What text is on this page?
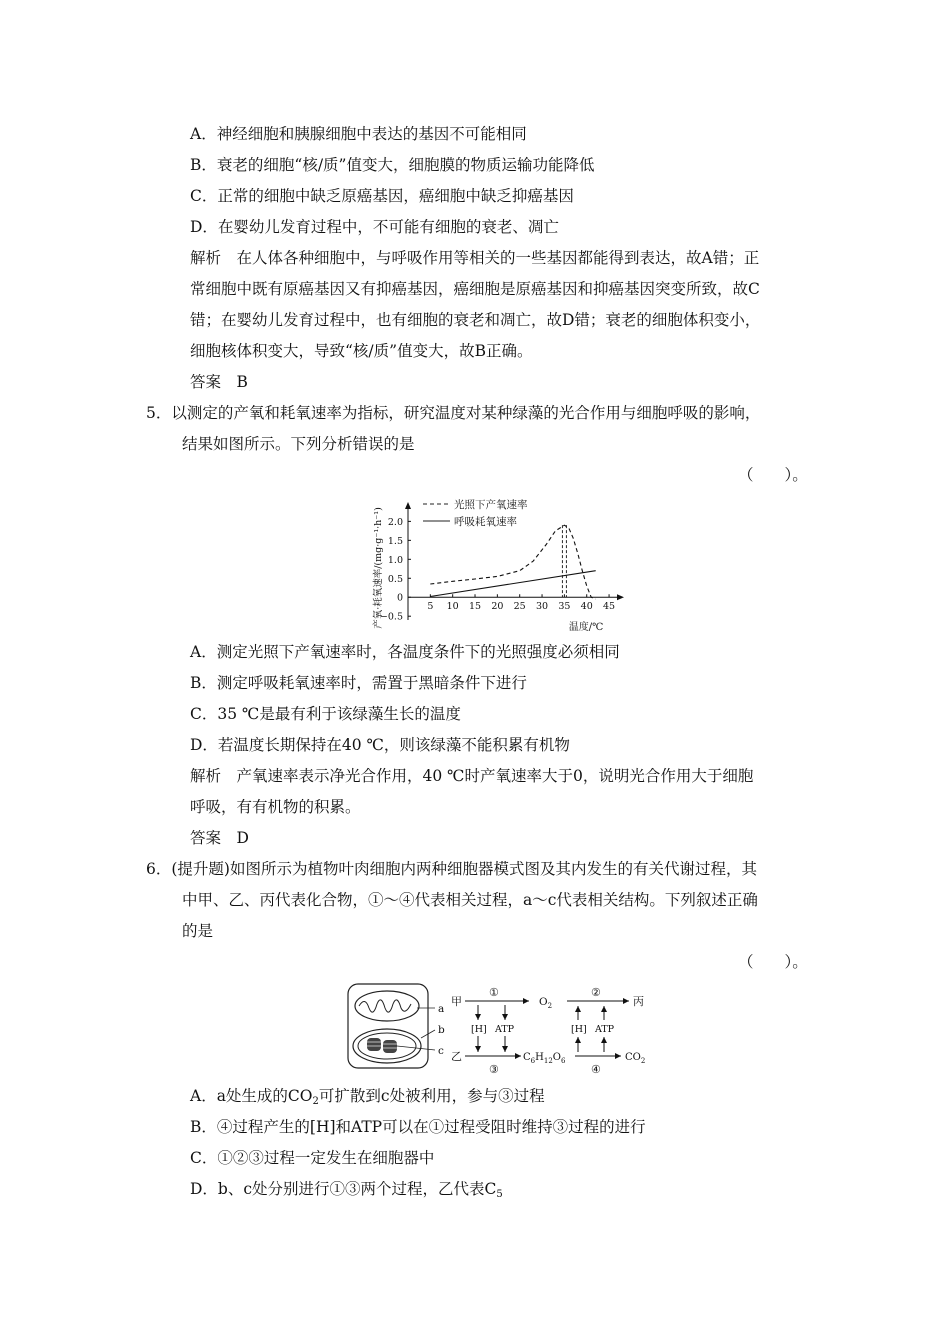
A．神经细胞和胰腺细胞中表达的基因不可能相同
B．衰老的细胞“核/质”值变大，细胞膜的物质运输功能降低
C．正常的细胞中缺乏原癌基因，癌细胞中缺乏抑癌基因
D．在婴幼儿发育过程中，不可能有细胞的衰老、凋亡
解析　在人体各种细胞中，与呼吸作用等相关的一些基因都能得到表达，故A错；正
常细胞中既有原癌基因又有抑癌基因，癌细胞是原癌基因和抑癌基因突变所致，故C
错；在婴幼儿发育过程中，也有细胞的衰老和凋亡，故D错；衰老的细胞体积变小，
细胞核体积变大，导致“核/质”值变大，故B正确。
答案　B
5．以测定的产氧和耗氧速率为指标，研究温度对某种绿藻的光合作用与细胞呼吸的影响，
结果如图所示。下列分析错误的是
（　　）。
光照下产氧速率
呼吸耗氧速率
产氧·耗氧速率/(mg·g⁻¹·h⁻¹) 2.0
1.5
1.0
0.5
0
−0.5
5 10 15 20 25 30 35 40 45
温度/℃
A．测定光照下产氧速率时，各温度条件下的光照强度必须相同
B．测定呼吸耗氧速率时，需置于黑暗条件下进行
C．35 ℃是最有利于该绿藻生长的温度
D．若温度长期保持在40 ℃，则该绿藻不能积累有机物
解析　产氧速率表示净光合作用，40 ℃时产氧速率大于0，说明光合作用大于细胞
呼吸，有有机物的积累。
答案　D
6．(提升题)如图所示为植物叶肉细胞内两种细胞器模式图及其内发生的有关代谢过程，其
中甲、乙、丙代表化合物，①～④代表相关过程，a～c代表相关结构。下列叙述正确
的是
（　　）。
a
b
c
甲
①
$O_2$
②
丙
[H] ATP	[H] ATP
乙
③
$C_6H_{12}O_6$
④
$CO_2$
A．a处生成的$CO_2$可扩散到c处被利用，参与③过程
B．④过程产生的[H]和ATP可以在①过程受阻时维持③过程的进行
C．①②③过程一定发生在细胞器中
D．b、c处分别进行①③两个过程，乙代表$C_5$
